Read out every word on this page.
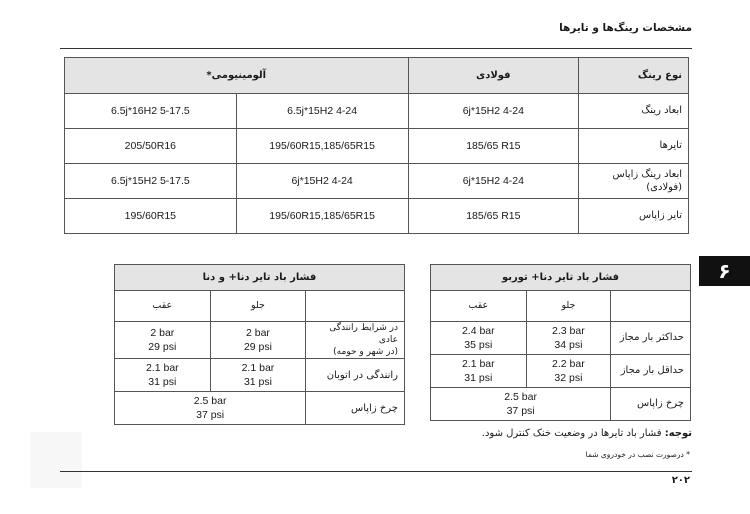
مشخصات رینگ‌ها و تایرها
آلومینیومی*		فولادی	نوع رینگ
6.5j*16H2 5-17.5	6.5j*15H2 4-24	6j*15H2 4-24	ابعاد رینگ
205/50R16	195/60R15,185/65R15	185/65 R15	تایرها
6.5j*15H2 5-17.5	6j*15H2 4-24	6j*15H2 4-24	ابعاد رینگ زاپاس (فولادی)
195/60R15	195/60R15,185/65R15	185/65 R15	تایر زاپاس
۶
فشار باد تایر دنا+ توربو		
عقب	جلو	

2.4 bar
35 psi	2.3 bar
34 psi	حداکثر بار مجاز

2.1 bar
31 psi	2.2 bar
32 psi	حداقل بار مجاز

2.5 bar
37 psi		چرخ زاپاس
فشار باد تایر دنا+ و دنا		
عقب	جلو	

2 bar
29 psi	2 bar
29 psi	در شرایط رانندگی عادی
(در شهر و حومه)

2.1 bar
31 psi	2.1 bar
31 psi	رانندگی در اتوبان

2.5 bar
37 psi		چرخ زاپاس
توجه: فشار باد تایرها در وضعیت خنک کنترل شود.
* درصورت نصب در خودروی شما
۲۰۲
